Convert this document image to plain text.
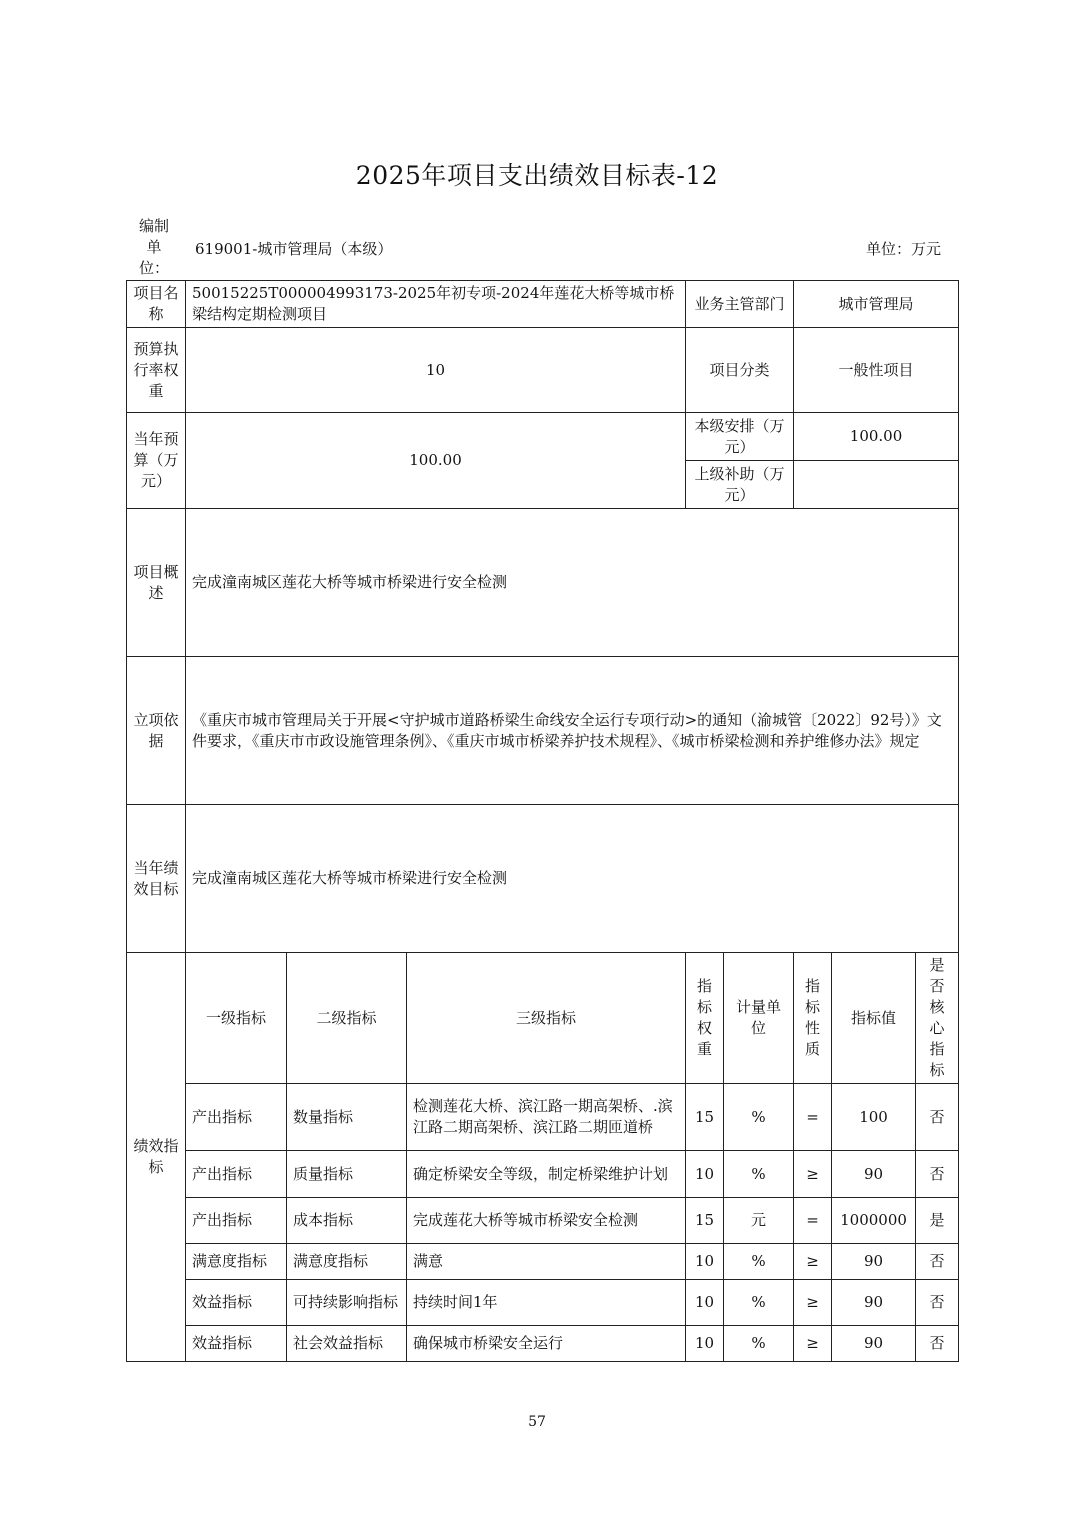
2025年项目支出绩效目标表-12
编制单位：
619001-城市管理局（本级）	单位：万元
项目名称	50015225T000004993173-2025年初专项-2024年莲花大桥等城市桥梁结构定期检测项目			业务主管部门		城市管理局		
预算执行率权重	10			项目分类		一般性项目		
当年预算（万元）	100.00			本级安排（万元）		100.00		
				上级补助（万元）				
项目概述	完成潼南城区莲花大桥等城市桥梁进行安全检测							
立项依据	《重庆市城市管理局关于开展<守护城市道路桥梁生命线安全运行专项行动>的通知（渝城管〔2022〕92号）》文件要求，《重庆市市政设施管理条例》、《重庆市城市桥梁养护技术规程》、《城市桥梁检测和养护维修办法》规定							
当年绩效目标	完成潼南城区莲花大桥等城市桥梁进行安全检测							
绩效指标	一级指标	二级指标	三级指标	指标权重	计量单位	指标性质	指标值	是否核心指标
	产出指标	数量指标	检测莲花大桥、滨江路一期高架桥、.滨江路二期高架桥、滨江路二期匝道桥	15	%	=	100	否
	产出指标	质量指标	确定桥梁安全等级，制定桥梁维护计划	10	%	≥	90	否
	产出指标	成本指标	完成莲花大桥等城市桥梁安全检测	15	元	=	1000000	是
	满意度指标	满意度指标	满意	10	%	≥	90	否
	效益指标	可持续影响指标	持续时间1年	10	%	≥	90	否
	效益指标	社会效益指标	确保城市桥梁安全运行	10	%	≥	90	否
57
